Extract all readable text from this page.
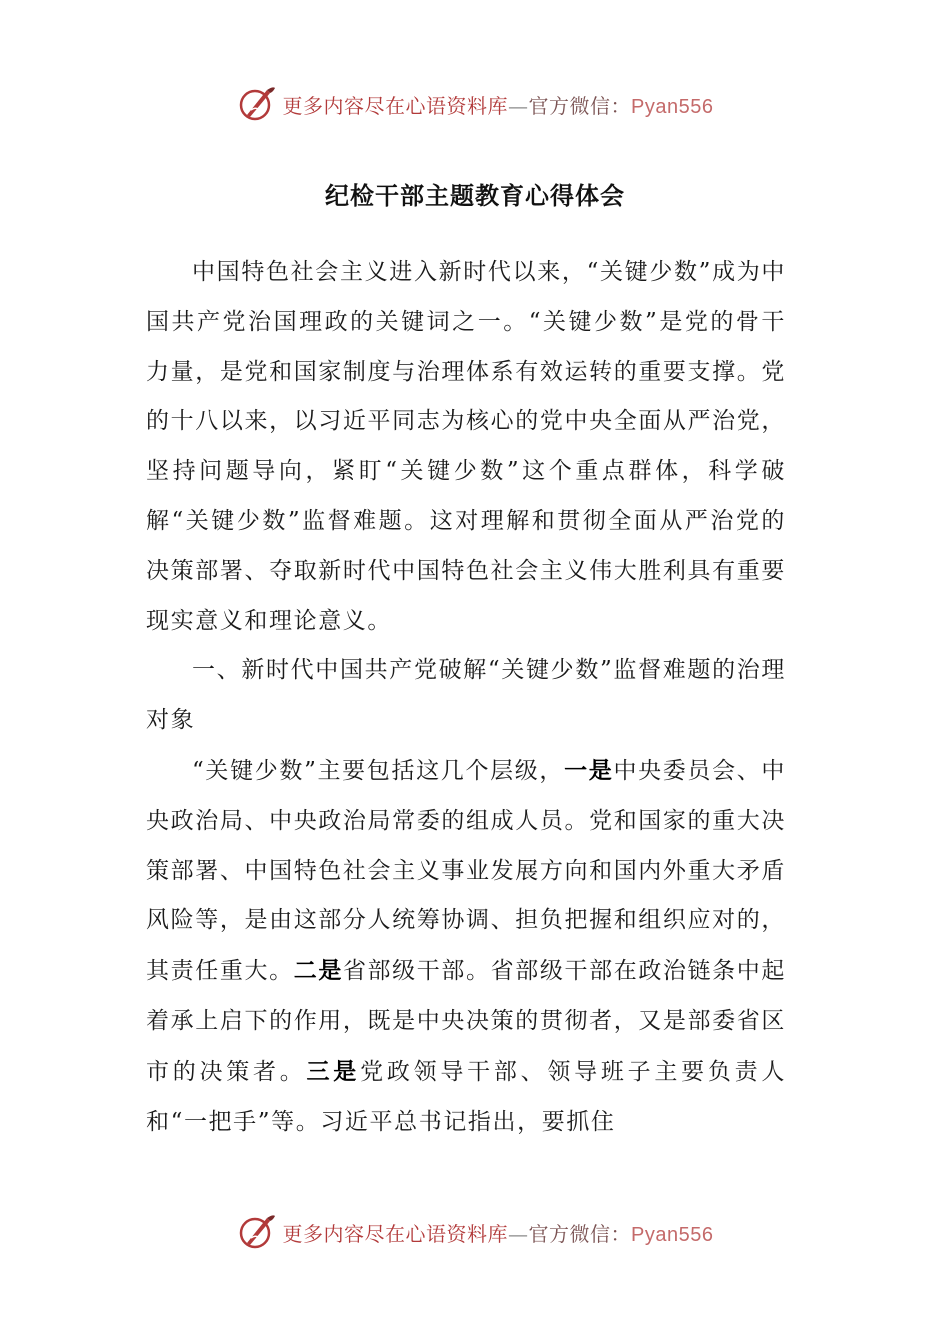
更多内容尽在心语资料库—官方微信：Pyan556
纪检干部主题教育心得体会

中国特色社会主义进入新时代以来，“关键少数”成为中国共产党治国理政的关键词之一。“关键少数”是党的骨干力量，是党和国家制度与治理体系有效运转的重要支撑。党的十八以来，以习近平同志为核心的党中央全面从严治党，坚持问题导向，紧盯“关键少数”这个重点群体，科学破解“关键少数”监督难题。这对理解和贯彻全面从严治党的决策部署、夺取新时代中国特色社会主义伟大胜利具有重要现实意义和理论意义。

一、新时代中国共产党破解“关键少数”监督难题的治理对象

“关键少数”主要包括这几个层级，一是中央委员会、中央政治局、中央政治局常委的组成人员。党和国家的重大决策部署、中国特色社会主义事业发展方向和国内外重大矛盾风险等，是由这部分人统筹协调、担负把握和组织应对的，其责任重大。二是省部级干部。省部级干部在政治链条中起着承上启下的作用，既是中央决策的贯彻者，又是部委省区市的决策者。三是党政领导干部、领导班子主要负责人和“一把手”等。习近平总书记指出，要抓住

更多内容尽在心语资料库—官方微信：Pyan556
